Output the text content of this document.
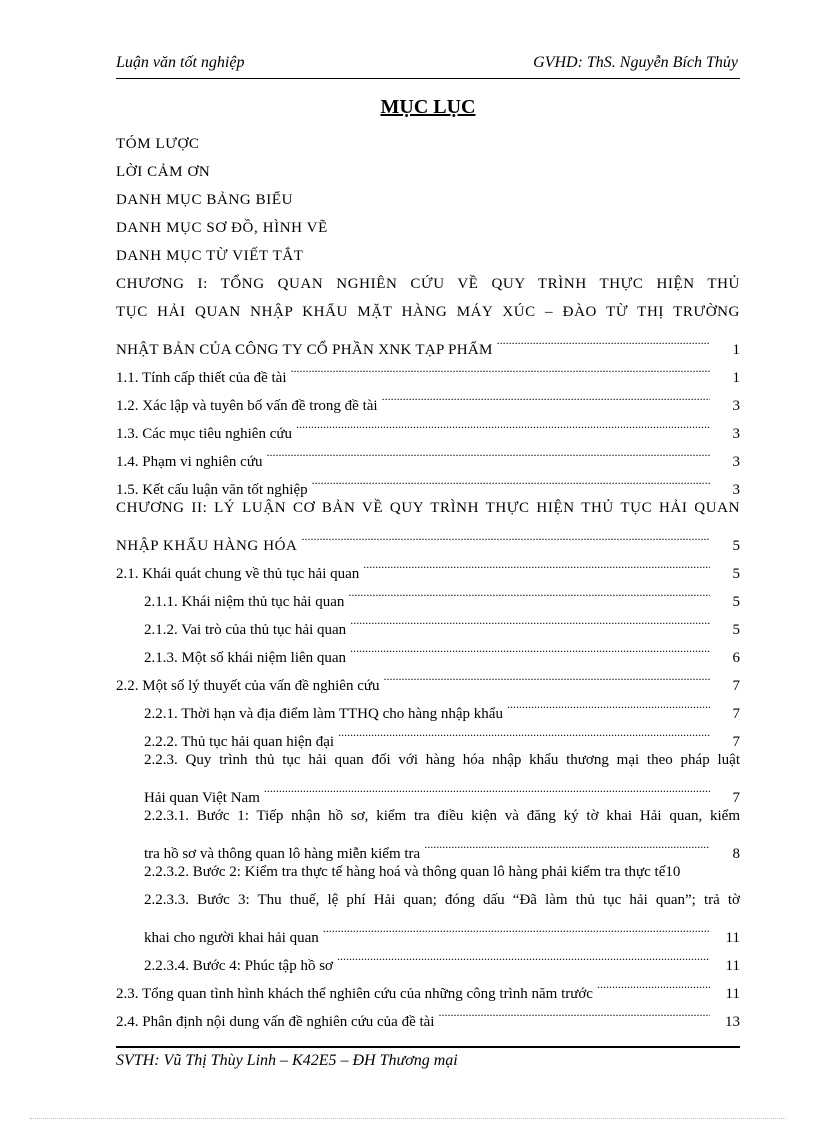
Luận văn tốt nghiệp	GVHD: ThS. Nguyễn Bích Thủy
MỤC LỤC
TÓM LƯỢC
LỜI CẢM ƠN
DANH MỤC BẢNG BIỂU
DANH MỤC SƠ ĐỒ, HÌNH VẼ
DANH MỤC TỪ VIẾT TẮT
CHƯƠNG I: TỔNG QUAN NGHIÊN CỨU VỀ QUY TRÌNH THỰC HIỆN THỦ
TỤC HẢI QUAN NHẬP KHẨU MẶT HÀNG MÁY XÚC – ĐÀO TỪ THỊ TRƯỜNG
NHẬT BẢN CỦA CÔNG TY CỔ PHẦN XNK TẠP PHẨM .....	1
1.1. Tính cấp thiết của đề tài .....	1
1.2. Xác lập và tuyên bố vấn đề trong đề tài .....	3
1.3. Các mục tiêu nghiên cứu .....	3
1.4. Phạm vi nghiên cứu .....	3
1.5. Kết cấu luận văn tốt nghiệp .....	3
CHƯƠNG II: LÝ LUẬN CƠ BẢN VỀ QUY TRÌNH THỰC HIỆN THỦ TỤC HẢI QUAN
NHẬP KHẨU HÀNG HÓA .....	5
2.1. Khái quát chung về thủ tục hải quan .....	5
2.1.1. Khái niệm thủ tục hải quan .....	5
2.1.2. Vai trò của thủ tục hải quan .....	5
2.1.3. Một số khái niệm liên quan .....	6
2.2. Một số lý thuyết của vấn đề nghiên cứu .....	7
2.2.1. Thời hạn và địa điểm làm TTHQ cho hàng nhập khẩu .....	7
2.2.2. Thủ tục hải quan hiện đại .....	7
2.2.3. Quy trình thủ tục hải quan đối với hàng hóa nhập khẩu thương mại theo pháp luật
Hải quan Việt Nam .....	7
2.2.3.1. Bước 1: Tiếp nhận hồ sơ, kiểm tra điều kiện và đăng ký tờ khai Hải quan, kiểm
tra hồ sơ và thông quan lô hàng miễn kiểm tra .....	8
2.2.3.2. Bước 2: Kiểm tra thực tế hàng hoá và thông quan lô hàng phải kiểm tra thực tế 10
2.2.3.3. Bước 3: Thu thuế, lệ phí Hải quan; đóng dấu “Đã làm thủ tục hải quan”; trả tờ
khai cho người khai hải quan .....	11
2.2.3.4. Bước 4: Phúc tập hồ sơ .....	11
2.3. Tổng quan tình hình khách thể nghiên cứu của những công trình năm trước .....	11
2.4. Phân định nội dung vấn đề nghiên cứu của đề tài .....	13
SVTH: Vũ Thị Thùy Linh – K42E5 – ĐH Thương mại
